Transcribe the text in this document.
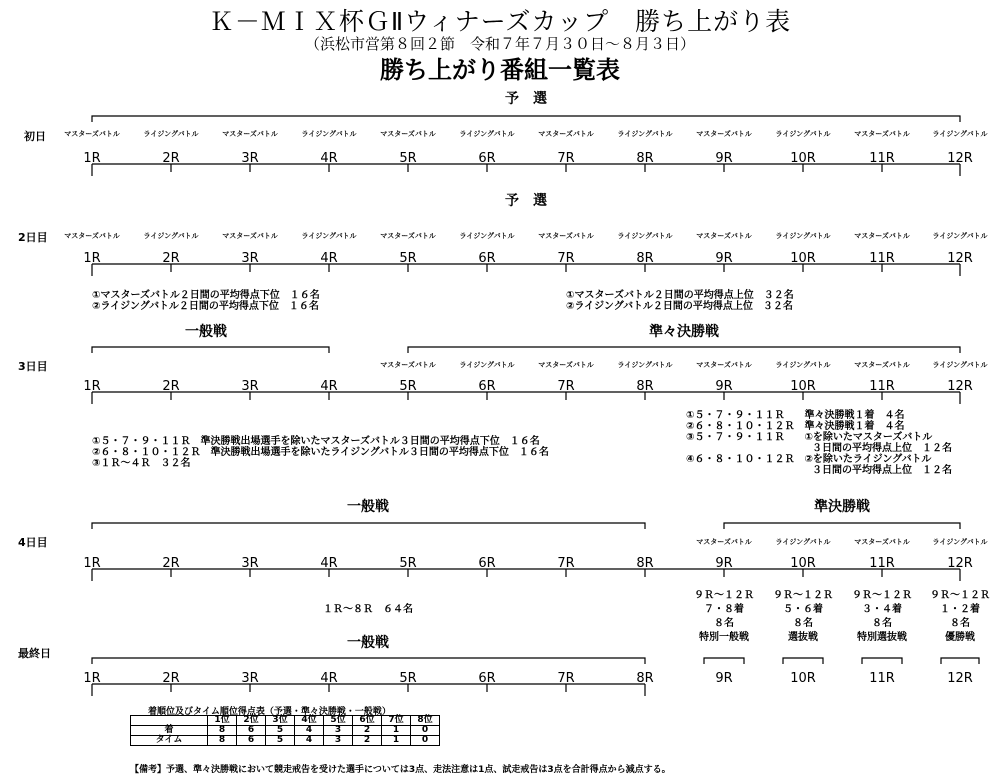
Ｋ－ＭＩＸ杯ＧⅡウィナーズカップ　勝ち上がり表
（浜松市営第８回２節　令和７年７月３０日～８月３日）
勝ち上がり番組一覧表
初日
予　選
マスターズバトル	ライジングバトル	マスターズバトル	ライジングバトル	マスターズバトル	ライジングバトル	マスターズバトル	ライジングバトル	マスターズバトル	ライジングバトル	マスターズバトル	ライジングバトル
1R	2R	3R	4R	5R	6R	7R	8R	9R	10R	11R	12R
予　選
2日目 マスターズバトル	ライジングバトル	マスターズバトル	ライジングバトル	マスターズバトル	ライジングバトル	マスターズバトル	ライジングバトル	マスターズバトル	ライジングバトル	マスターズバトル	ライジングバトル
1R	2R	3R	4R	5R	6R	7R	8R	9R	10R	11R	12R
①マスターズバトル２日間の平均得点下位　１６名
②ライジングバトル２日間の平均得点下位　１６名
①マスターズバトル２日間の平均得点上位　３２名
②ライジングバトル２日間の平均得点上位　３２名
一般戦	準々決勝戦
3日目	マスターズバトル	ライジングバトル	マスターズバトル	ライジングバトル	マスターズバトル	ライジングバトル	マスターズバトル	ライジングバトル
1R	2R	3R	4R	5R	6R	7R	8R	9R	10R	11R	12R
①５・７・９・１１Ｒ　　準々決勝戦１着　４名
②６・８・１０・１２Ｒ　準々決勝戦１着　４名
③５・７・９・１１Ｒ　　①を除いたマスターズバトル
３日間の平均得点上位　１２名
④６・８・１０・１２Ｒ　②を除いたライジングバトル
３日間の平均得点上位　１２名
①５・７・９・１１Ｒ　準決勝戦出場選手を除いたマスターズバトル３日間の平均得点下位　１６名
②６・８・１０・１２Ｒ　準決勝戦出場選手を除いたライジングバトル３日間の平均得点下位　１６名
③１Ｒ～４Ｒ　３２名
一般戦	準決勝戦
4日目	マスターズバトル	ライジングバトル	マスターズバトル	ライジングバトル
1R	2R	3R	4R	5R	6R	7R	8R	9R	10R	11R	12R
１Ｒ～８Ｒ　６４名
９Ｒ～１２Ｒ
７・８着
８名
特別一般戦
９Ｒ～１２Ｒ
５・６着
８名
選抜戦
９Ｒ～１２Ｒ
３・４着
８名
特別選抜戦
９Ｒ～１２Ｒ
１・２着
８名
優勝戦
一般戦
最終日
1R	2R	3R	4R	5R	6R	7R	8R	9R	10R	11R	12R
着順位及びタイム順位得点表（予選・準々決勝戦・一般戦）
	1位	2位	3位	4位	5位	6位	7位	8位
着	8	6	5	4	3	2	1	0
タイム	8	6	5	4	3	2	1	0
【備考】予選、準々決勝戦において競走戒告を受けた選手については3点、走法注意は1点、試走戒告は3点を合計得点から減点する。
